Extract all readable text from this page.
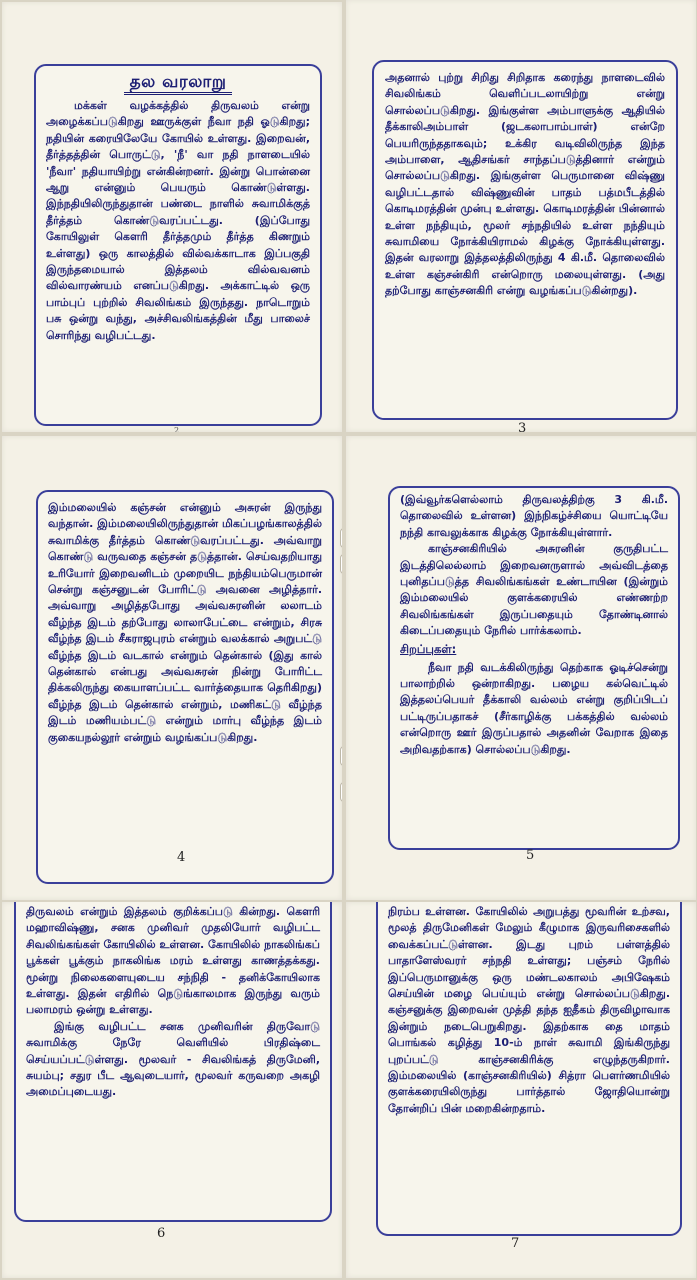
தல வரலாறு

மக்கள் வழக்கத்தில் திருவலம் என்று அழைக்கப்படுகிறது ஊருக்குள் நீவா நதி ஓடுகிறது; நதியின் கரையிலேயே கோயில் உள்ளது. இறைவன், தீர்த்தத்தின் பொருட்டு, 'நீ' வா நதி நாளடையில் 'நீவா' நதியாயிற்று என்கின்றனர். இன்று பொன்னை ஆறு என்னும் பெயரும் கொண்டுள்ளது. இந்நதியிலிருந்துதான் பண்டை நாளில் சுவாமிக்குத் தீர்த்தம் கொண்டுவரப்பட்டது. (இப்போது கோயிலுள் கௌரி தீர்த்தமும் தீர்த்த கிணறும் உள்ளது) ஒரு காலத்தில் வில்வக்காடாக இப்பகுதி இருந்தமையால் இத்தலம் வில்வவனம் வில்வாரண்யம் எனப்படுகிறது. அக்காட்டில் ஒரு பாம்புப் புற்றில் சிவலிங்கம் இருந்தது. நாடொறும் பசு ஒன்று வந்து, அச்சிவலிங்கத்தின் மீது பாலைச் சொரிந்து வழிபட்டது.

2

அதனால் புற்று சிறிது சிறிதாக கரைந்து நாளடைவில் சிவலிங்கம் வெளிப்படலாயிற்று என்று சொல்லப்படுகிறது. இங்குள்ள அம்பாளுக்கு ஆதியில் தீக்காலிஅம்பாள் (ஜடகலாபாம்பாள்) என்றே பெயரிருந்ததாகவும்; உக்கிர வடிவிலிருந்த இந்த அம்பாளை, ஆதிசங்கர் சாந்தப்படுத்தினார் என்றும் சொல்லப்படுகிறது. இங்குள்ள பெருமானை விஷ்ணு வழிபட்டதால் விஷ்ணுவின் பாதம் பத்மபீடத்தில் கொடிமரத்தின் முன்பு உள்ளது. கொடிமரத்தின் பின்னால் உள்ள நந்தியும், மூலர் சந்நதியில் உள்ள நந்தியும் சுவாமியை நோக்கியிராமல் கிழக்கு நோக்கியுள்ளது. இதன் வரலாறு இத்தலத்திலிருந்து 4 கி.மீ. தொலைவில் உள்ள கஞ்சன்கிரி என்றொரு மலையுள்ளது. (அது தற்போது காஞ்சனகிரி என்று வழங்கப்படுகின்றது).

3

இம்மலையில் கஞ்சன் என்னும் அசுரன் இருந்து வந்தான். இம்மலையிலிருந்துதான் மிகப்பழங்காலத்தில் சுவாமிக்கு தீர்த்தம் கொண்டுவரப்பட்டது. அவ்வாறு கொண்டு வருவதை கஞ்சன் தடுத்தான். செய்வதறியாது உரியோர் இறைவனிடம் முறையிட நந்தியம்பெருமான் சென்று கஞ்சனுடன் போரிட்டு அவனை அழித்தார். அவ்வாறு அழித்தபோது அவ்வசுரனின் லலாடம் வீழ்ந்த இடம் தற்போது லாலாபேட்டை என்றும், சிரசு வீழ்ந்த இடம் சீகராஜபுரம் என்றும் வலக்கால் அறுபட்டு வீழ்ந்த இடம் வடகால் என்றும் தென்கால் (இது கால் தென்கால் என்பது அவ்வசுரன் நின்று போரிட்ட திக்கலிருந்து கையாளப்பட்ட வார்த்தையாக தெரிகிறது) வீழ்ந்த இடம் தென்கால் என்றும், மணிகட்டு வீழ்ந்த இடம் மணியம்பட்டு என்றும் மார்பு வீழ்ந்த இடம் குகையநல்லூர் என்றும் வழங்கப்படுகிறது.

4

(இவ்வூர்களெல்லாம் திருவலத்திற்கு 3 கி.மீ. தொலைவில் உள்ளன) இந்நிகழ்ச்சியை யொட்டியே நந்தி காவலுக்காக கிழக்கு நோக்கியுள்ளார்.

காஞ்சனகிரியில் அசுரனின் குருதிபட்ட இடத்திலெல்லாம் இறைவனருளால் அவ்விடத்தை புனிதப்படுத்த சிவலிங்கங்கள் உண்டாயின (இன்றும் இம்மலையில் குளக்கரையில் எண்ணற்ற சிவலிங்கங்கள் இருப்பதையும் தோண்டினால் கிடைப்பதையும் நேரில் பார்க்கலாம்.

சிறப்புகள்:

நீவா நதி வடக்கிலிருந்து தெற்காக ஓடிச்சென்று பாலாற்றில் ஒன்றாகிறது. பழைய கல்வெட்டில் இத்தலப்பெயர் தீக்காலி வல்லம் என்று குறிப்பிடப் பட்டிருப்பதாகச் (சீர்காழிக்கு பக்கத்தில் வல்லம் என்றொரு ஊர் இருப்பதால் அதனின் வேறாக இதை அறிவதற்காக) சொல்லப்படுகிறது.

5

திருவலம் என்றும் இத்தலம் குறிக்கப்படு கின்றது. கௌரி மஹாவிஷ்ணு, சனக முனிவர் முதலியோர் வழிபட்ட சிவலிங்கங்கள் கோயிலில் உள்ளன. கோயிலில் நாகலிங்கப் பூக்கள் பூக்கும் நாகலிங்க மரம் உள்ளது காணத்தக்கது. மூன்று நிலைகளையுடைய சந்நிதி - தனிக்கோயிலாக உள்ளது. இதன் எதிரில் நெடுங்காலமாக இருந்து வரும் பலாமரம் ஒன்று உள்ளது.

இங்கு வழிபட்ட சனக முனிவரின் திருவோடு சுவாமிக்கு நேரே வெளியில் பிரதிஷ்டை செய்யப்பட்டுள்ளது. மூலவர் - சிவலிங்கத் திருமேனி, சுயம்பு; சதுர பீட ஆவுடையார், மூலவர் கருவறை அகழி அமைப்புடையது.

6

நிரம்ப உள்ளன. கோயிலில் அறுபத்து மூவரின் உற்சவ, மூலத் திருமேனிகள் மேலும் கீழுமாக இருவரிசைகளில் வைக்கப்பட்டுள்ளன. இடது புறம் பள்ளத்தில் பாதாளேஸ்வரர் சந்நதி உள்ளது; பஞ்சம் நேரில் இப்பெருமானுக்கு ஒரு மண்டலகாலம் அபிஷேகம் செய்யின் மழை பெய்யும் என்று சொல்லப்படுகிறது. கஞ்சனுக்கு இறைவன் முத்தி தந்த ஐதீகம் திருவிழாவாக இன்றும் நடைபெறுகிறது. இதற்காக தை மாதம் பொங்கல் கழித்து 10-ம் நாள் சுவாமி இங்கிருந்து புறப்பட்டு காஞ்சனகிரிக்கு எழுந்தருகிறார். இம்மலையில் (காஞ்சனகிரியில்) சித்ரா பௌர்ணமியில் குளக்கரையிலிருந்து பார்த்தால் ஜோதியொன்று தோன்றிப் பின் மறைகின்றதாம்.

7
